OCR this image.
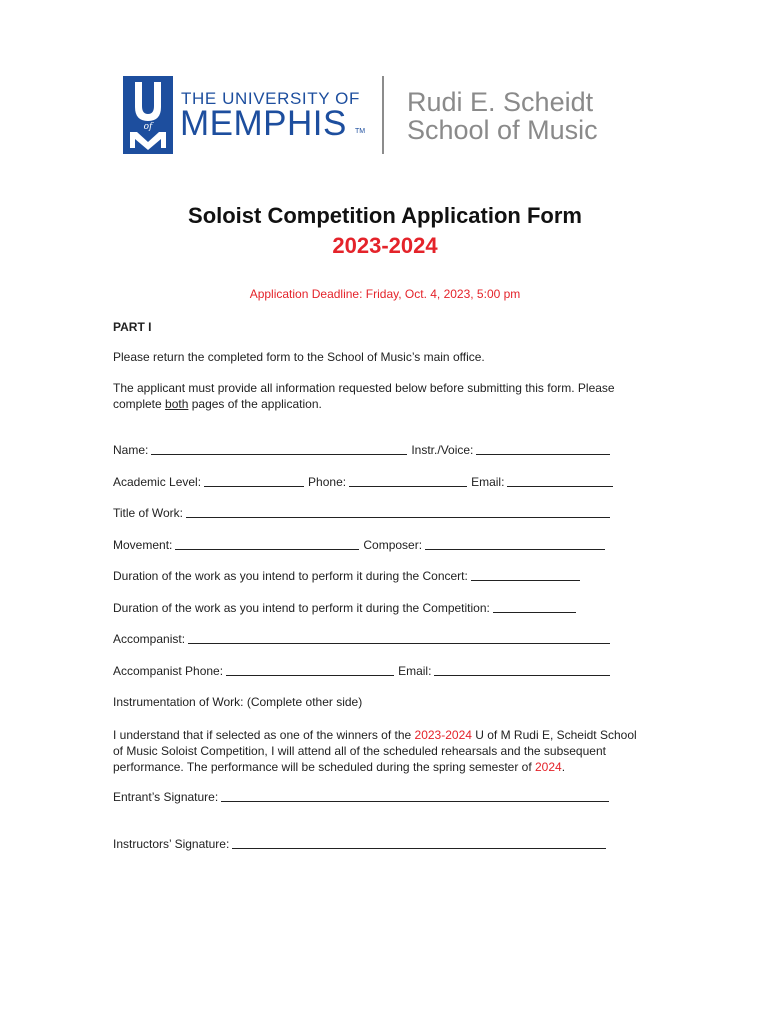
of
THE UNIVERSITY OF
MEMPHIS TM
Rudi E. Scheidt
School of Music
Soloist Competition Application Form
2023-2024
Application Deadline: Friday, Oct. 4, 2023, 5:00 pm
PART I
Please return the completed form to the School of Music’s main office.
The applicant must provide all information requested below before submitting this form. Please
complete both pages of the application.
Name:	Instr./Voice:
Academic Level:	Phone:	Email:
Title of Work:
Movement:	Composer:
Duration of the work as you intend to perform it during the Concert:
Duration of the work as you intend to perform it during the Competition:
Accompanist:
Accompanist Phone:	Email:
Instrumentation of Work: (Complete other side)
I understand that if selected as one of the winners of the 2023-2024 U of M Rudi E, Scheidt School
of Music Soloist Competition, I will attend all of the scheduled rehearsals and the subsequent
performance. The performance will be scheduled during the spring semester of 2024.
Entrant’s Signature:
Instructors’ Signature:
